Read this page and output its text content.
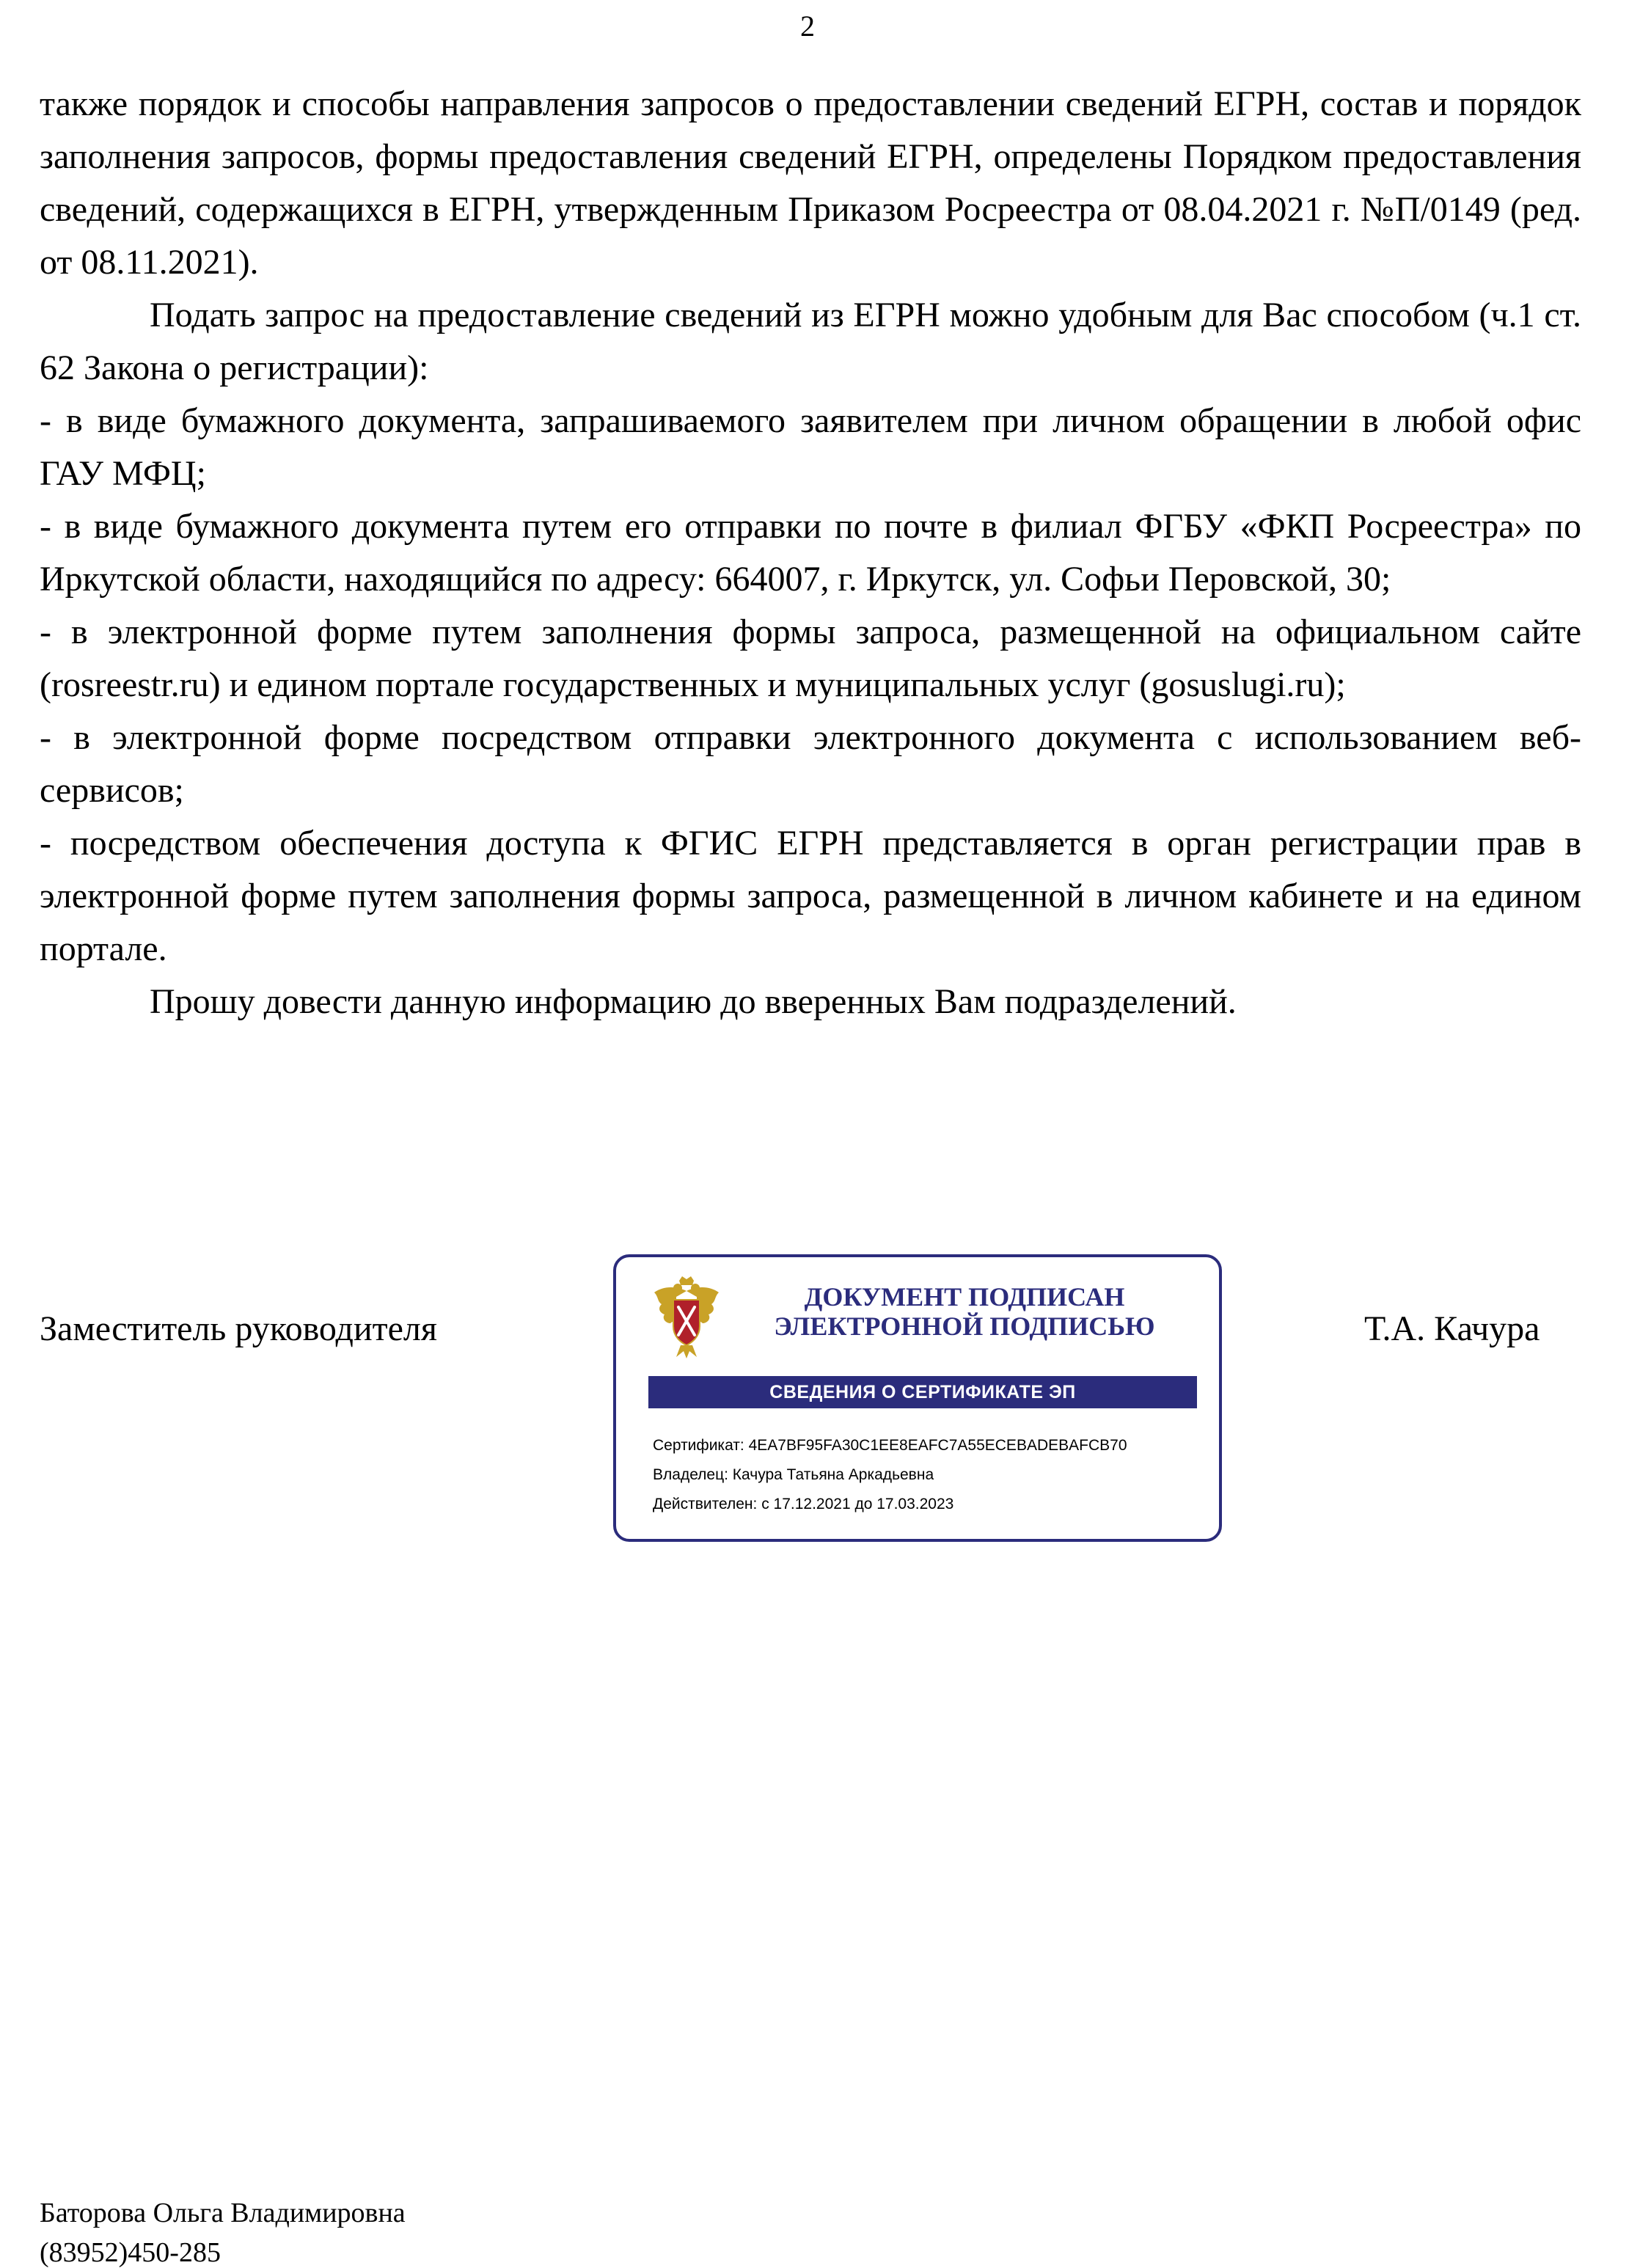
2

также порядок и способы направления запросов о предоставлении сведений ЕГРН, состав и порядок заполнения запросов, формы предоставления сведений ЕГРН, определены Порядком предоставления сведений, содержащихся в ЕГРН, утвержденным Приказом Росреестра от 08.04.2021 г. №П/0149 (ред. от 08.11.2021).

Подать запрос на предоставление сведений из ЕГРН можно удобным для Вас способом (ч.1 ст. 62 Закона о регистрации):

- в виде бумажного документа, запрашиваемого заявителем при личном обращении в любой офис ГАУ МФЦ;

- в виде бумажного документа путем его отправки по почте в филиал ФГБУ «ФКП Росреестра» по Иркутской области, находящийся по адресу: 664007, г. Иркутск, ул. Софьи Перовской, 30;

- в электронной форме путем заполнения формы запроса, размещенной на официальном сайте (rosreestr.ru) и едином портале государственных и муниципальных услуг (gosuslugi.ru);

- в электронной форме посредством отправки электронного документа с использованием веб-сервисов;

- посредством обеспечения доступа к ФГИС ЕГРН представляется в орган регистрации прав в электронной форме путем заполнения формы запроса, размещенной в личном кабинете и на едином портале.

Прошу довести данную информацию до вверенных Вам подразделений.

Заместитель руководителя
ДОКУМЕНТ ПОДПИСАН
ЭЛЕКТРОННОЙ ПОДПИСЬЮ
СВЕДЕНИЯ О СЕРТИФИКАТЕ ЭП
Сертификат: 4EA7BF95FA30C1EE8EAFC7A55ECEBADEBAFCB70
Владелец: Качура Татьяна Аркадьевна
Действителен: с 17.12.2021 до 17.03.2023
Т.А. Качура
Баторова Ольга Владимировна
(83952)450-285
